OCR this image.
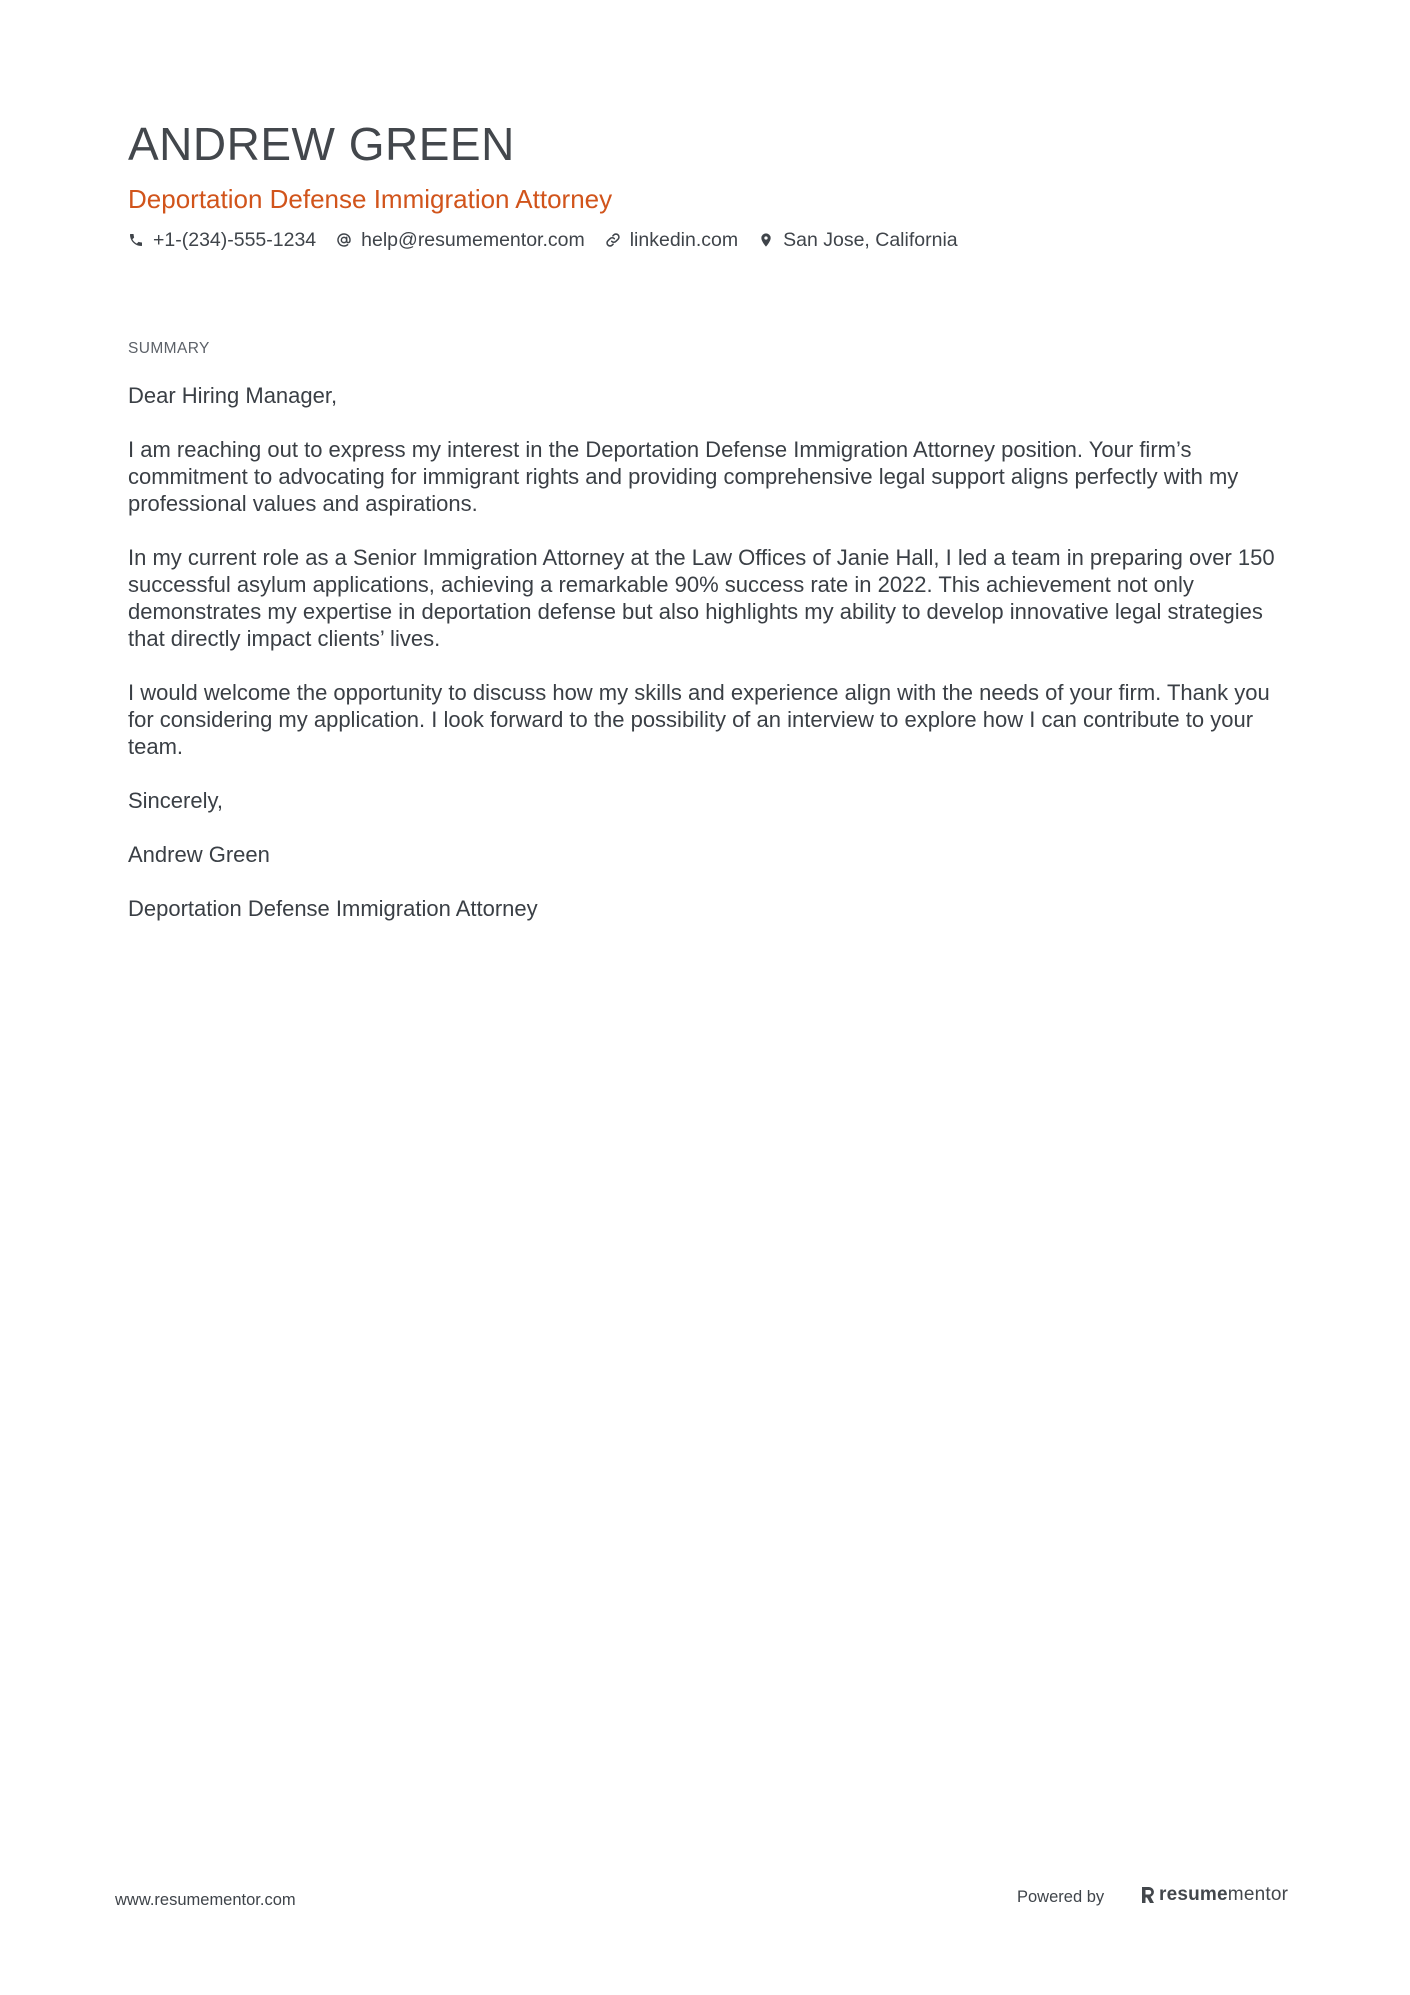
ANDREW GREEN
Deportation Defense Immigration Attorney
+1-(234)-555-1234 help@resumementor.com linkedin.com San Jose, California
SUMMARY

Dear Hiring Manager,

I am reaching out to express my interest in the Deportation Defense Immigration Attorney position. Your firm’s commitment to advocating for immigrant rights and providing comprehensive legal support aligns perfectly with my professional values and aspirations.

In my current role as a Senior Immigration Attorney at the Law Offices of Janie Hall, I led a team in preparing over 150 successful asylum applications, achieving a remarkable 90% success rate in 2022. This achievement not only demonstrates my expertise in deportation defense but also highlights my ability to develop innovative legal strategies that directly impact clients’ lives.

I would welcome the opportunity to discuss how my skills and experience align with the needs of your firm. Thank you for considering my application. I look forward to the possibility of an interview to explore how I can contribute to your team.

Sincerely,

Andrew Green

Deportation Defense Immigration Attorney

www.resumementor.com	Powered by	resume mentor
